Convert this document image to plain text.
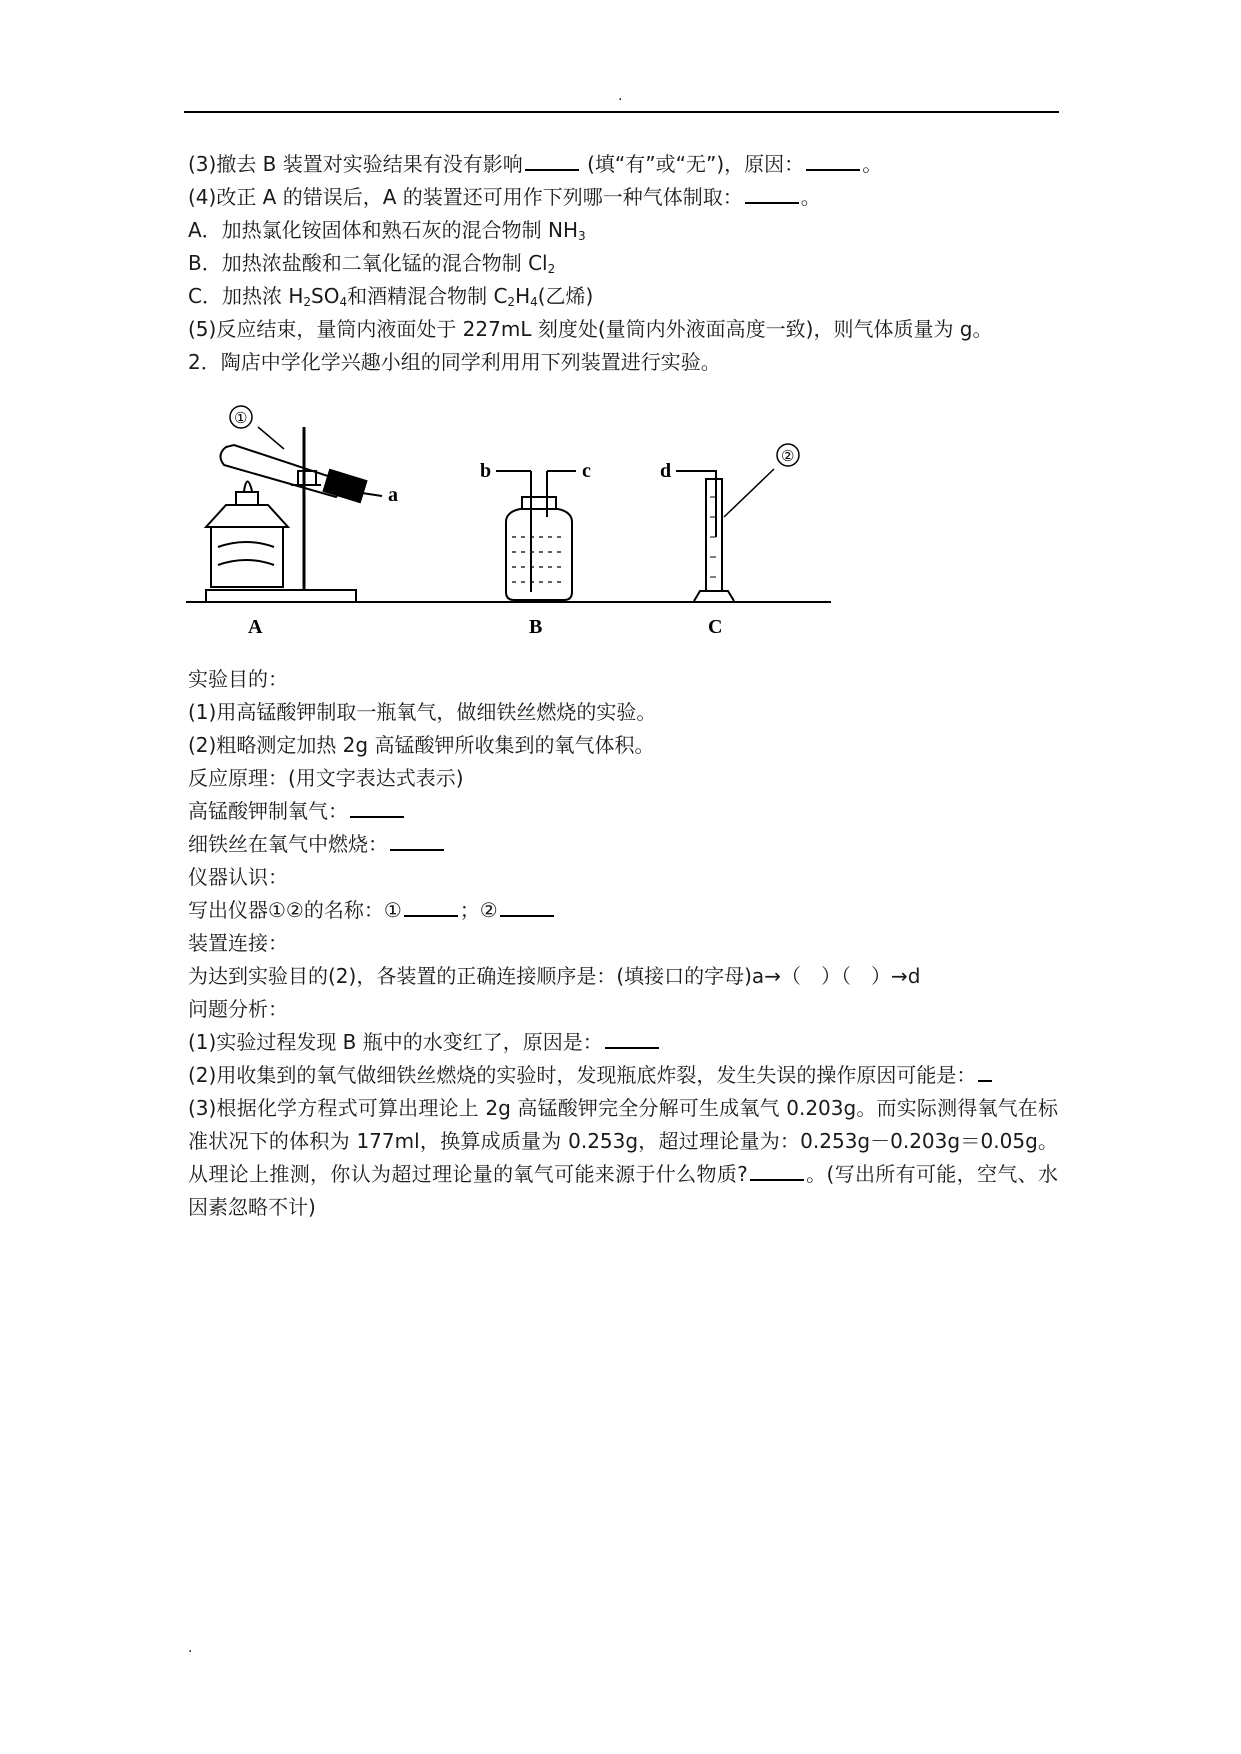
.

(3)撤去 B 装置对实验结果有没有影响	(填“有”或“无”)，原因：	。

(4)改正 A 的错误后，A 的装置还可用作下列哪一种气体制取：	。

A．加热氯化铵固体和熟石灰的混合物制 $NH_3$

B．加热浓盐酸和二氧化锰的混合物制 $Cl_2$

C．加热浓 $H_2SO_4$和酒精混合物制 $C_2H_4$(乙烯)

(5)反应结束，量筒内液面处于 227mL 刻度处(量筒内外液面高度一致)，则气体质量为 g。

2．陶店中学化学兴趣小组的同学利用用下列装置进行实验。

①
②
a
b	c	d
A	B	C

实验目的：

(1)用高锰酸钾制取一瓶氧气，做细铁丝燃烧的实验。

(2)粗略测定加热 2g 高锰酸钾所收集到的氧气体积。

反应原理：(用文字表达式表示)

高锰酸钾制氧气：

细铁丝在氧气中燃烧：

仪器认识：

写出仪器①②的名称：①	；②

装置连接：

为达到实验目的(2)，各装置的正确连接顺序是：(填接口的字母)a→（　）（　）→d

问题分析：

(1)实验过程发现 B 瓶中的水变红了，原因是：

(2)用收集到的氧气做细铁丝燃烧的实验时，发现瓶底炸裂，发生失误的操作原因可能是：

(3)根据化学方程式可算出理论上 2g 高锰酸钾完全分解可生成氧气 0.203g。而实际测得氧气在标准状况下的体积为 177ml，换算成质量为 0.253g，超过理论量为：0.253g－0.203g＝0.05g。从理论上推测，你认为超过理论量的氧气可能来源于什么物质?	。(写出所有可能，空气、水因素忽略不计)

.
